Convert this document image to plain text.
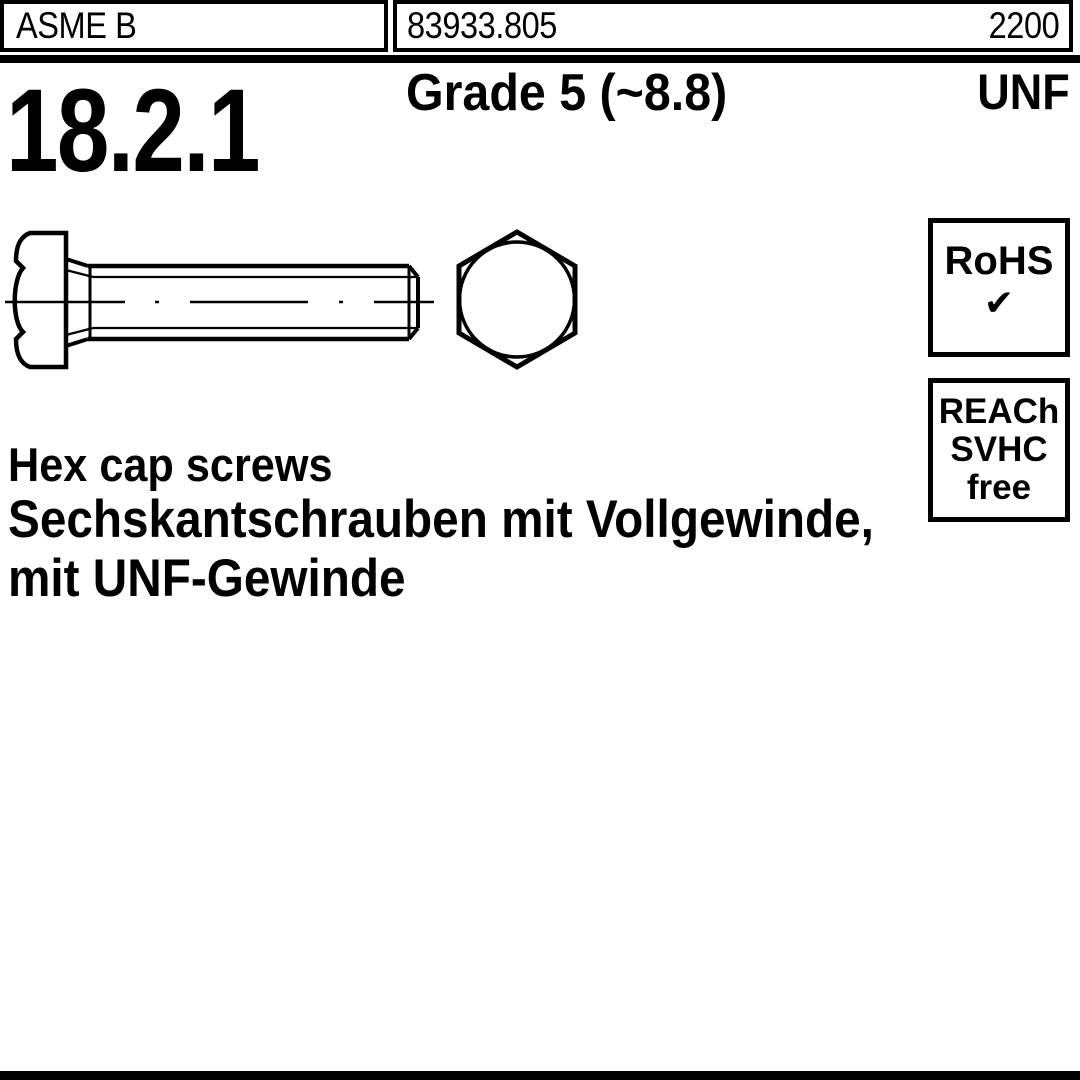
ASME B	83933.805	2200
Grade 5 (~8.8)	UNF
18.2.1
RoHS
✔
REACh
SVHC
free
Hex cap screws
Sechskantschrauben mit Vollgewinde,
mit UNF-Gewinde
